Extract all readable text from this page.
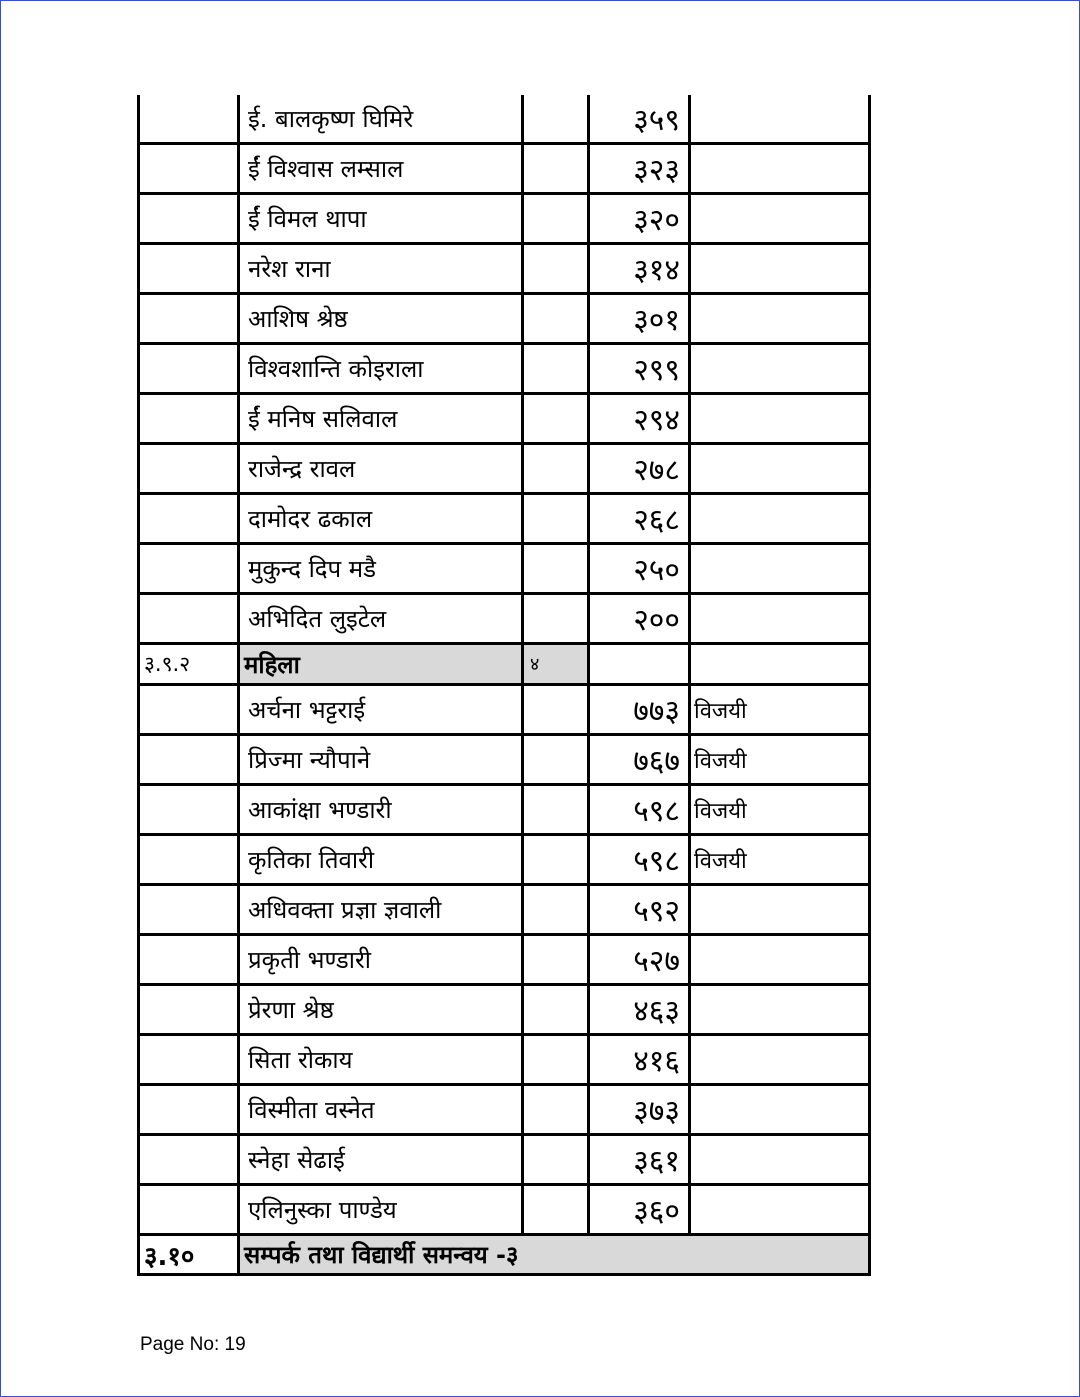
	ई. बालकृष्ण घिमिरे		३५९	
	ईं विश्वास लम्साल		३२३	
	ईं विमल थापा		३२०	
	नरेश राना		३१४	
	आशिष श्रेष्ठ		३०१	
	विश्वशान्ति कोइराला		२९९	
	ईं मनिष सलिवाल		२९४	
	राजेन्द्र रावल		२७८	
	दामोदर ढकाल		२६८	
	मुकुन्द दिप मडै		२५०	
	अभिदित लुइटेल		२००	
३.९.२	महिला	४		
	अर्चना भट्टराई		७७३	विजयी
	प्रिज्मा न्यौपाने		७६७	विजयी
	आकांक्षा भण्डारी		५९८	विजयी
	कृतिका तिवारी		५९८	विजयी
	अधिवक्ता प्रज्ञा ज्ञवाली		५९२	
	प्रकृती भण्डारी		५२७	
	प्रेरणा श्रेष्ठ		४६३	
	सिता रोकाय		४१६	
	विस्मीता वस्नेत		३७३	
	स्नेहा सेढाई		३६१	
	एलिनुस्का पाण्डेय		३६०	
३.१०	सम्पर्क तथा विद्यार्थी समन्वय -३			
Page No: 19
